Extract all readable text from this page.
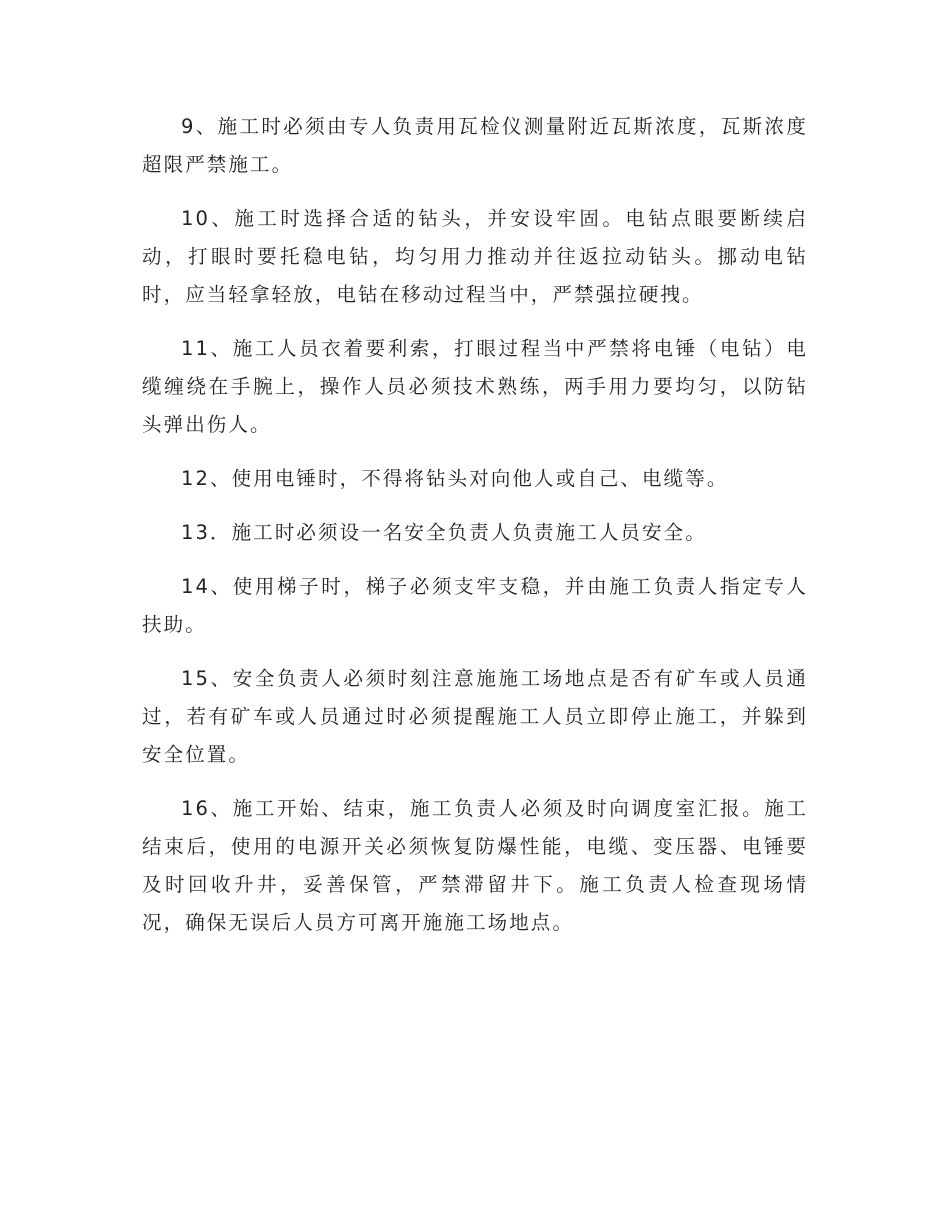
9、施工时必须由专人负责用瓦检仪测量附近瓦斯浓度，瓦斯浓度超限严禁施工。

10、施工时选择合适的钻头，并安设牢固。电钻点眼要断续启动，打眼时要托稳电钻，均匀用力推动并往返拉动钻头。挪动电钻时，应当轻拿轻放，电钻在移动过程当中，严禁强拉硬拽。

11、施工人员衣着要利索，打眼过程当中严禁将电锤（电钻）电缆缠绕在手腕上，操作人员必须技术熟练，两手用力要均匀，以防钻头弹出伤人。

12、使用电锤时，不得将钻头对向他人或自己、电缆等。

13．施工时必须设一名安全负责人负责施工人员安全。

14、使用梯子时，梯子必须支牢支稳，并由施工负责人指定专人扶助。

15、安全负责人必须时刻注意施施工场地点是否有矿车或人员通过，若有矿车或人员通过时必须提醒施工人员立即停止施工，并躲到安全位置。

16、施工开始、结束，施工负责人必须及时向调度室汇报。施工结束后，使用的电源开关必须恢复防爆性能，电缆、变压器、电锤要及时回收升井，妥善保管，严禁滞留井下。施工负责人检查现场情况，确保无误后人员方可离开施施工场地点。
